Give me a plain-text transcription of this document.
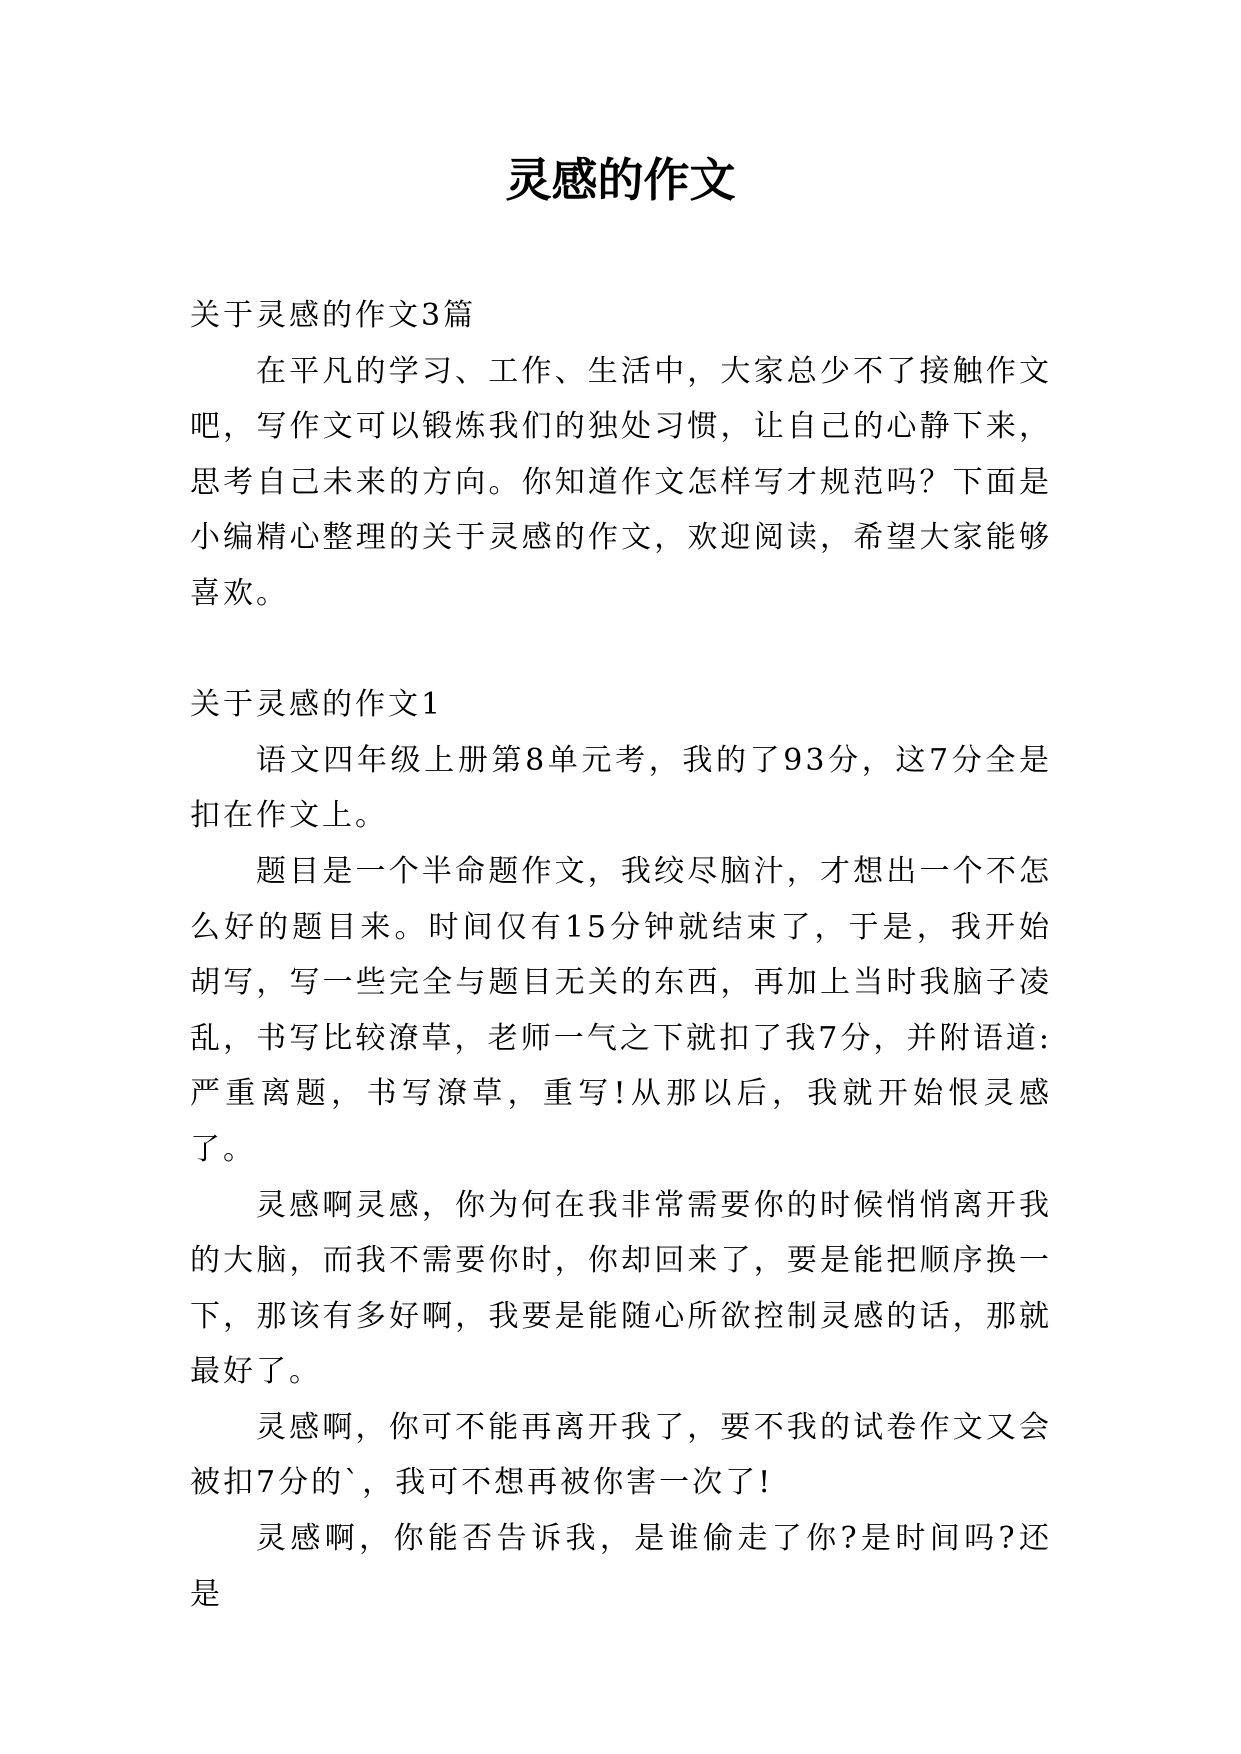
灵感的作文

关于灵感的作文3篇

在平凡的学习、工作、生活中，大家总少不了接触作文吧，写作文可以锻炼我们的独处习惯，让自己的心静下来，思考自己未来的方向。你知道作文怎样写才规范吗？下面是小编精心整理的关于灵感的作文，欢迎阅读，希望大家能够喜欢。

关于灵感的作文1

语文四年级上册第8单元考，我的了93分，这7分全是扣在作文上。

题目是一个半命题作文，我绞尽脑汁，才想出一个不怎么好的题目来。时间仅有15分钟就结束了，于是，我开始胡写，写一些完全与题目无关的东西，再加上当时我脑子凌乱，书写比较潦草，老师一气之下就扣了我7分，并附语道:严重离题，书写潦草，重写!从那以后，我就开始恨灵感了。

灵感啊灵感，你为何在我非常需要你的时候悄悄离开我的大脑，而我不需要你时，你却回来了，要是能把顺序换一下，那该有多好啊，我要是能随心所欲控制灵感的话，那就最好了。

灵感啊，你可不能再离开我了，要不我的试卷作文又会被扣7分的`，我可不想再被你害一次了!

灵感啊，你能否告诉我，是谁偷走了你?是时间吗?还是
